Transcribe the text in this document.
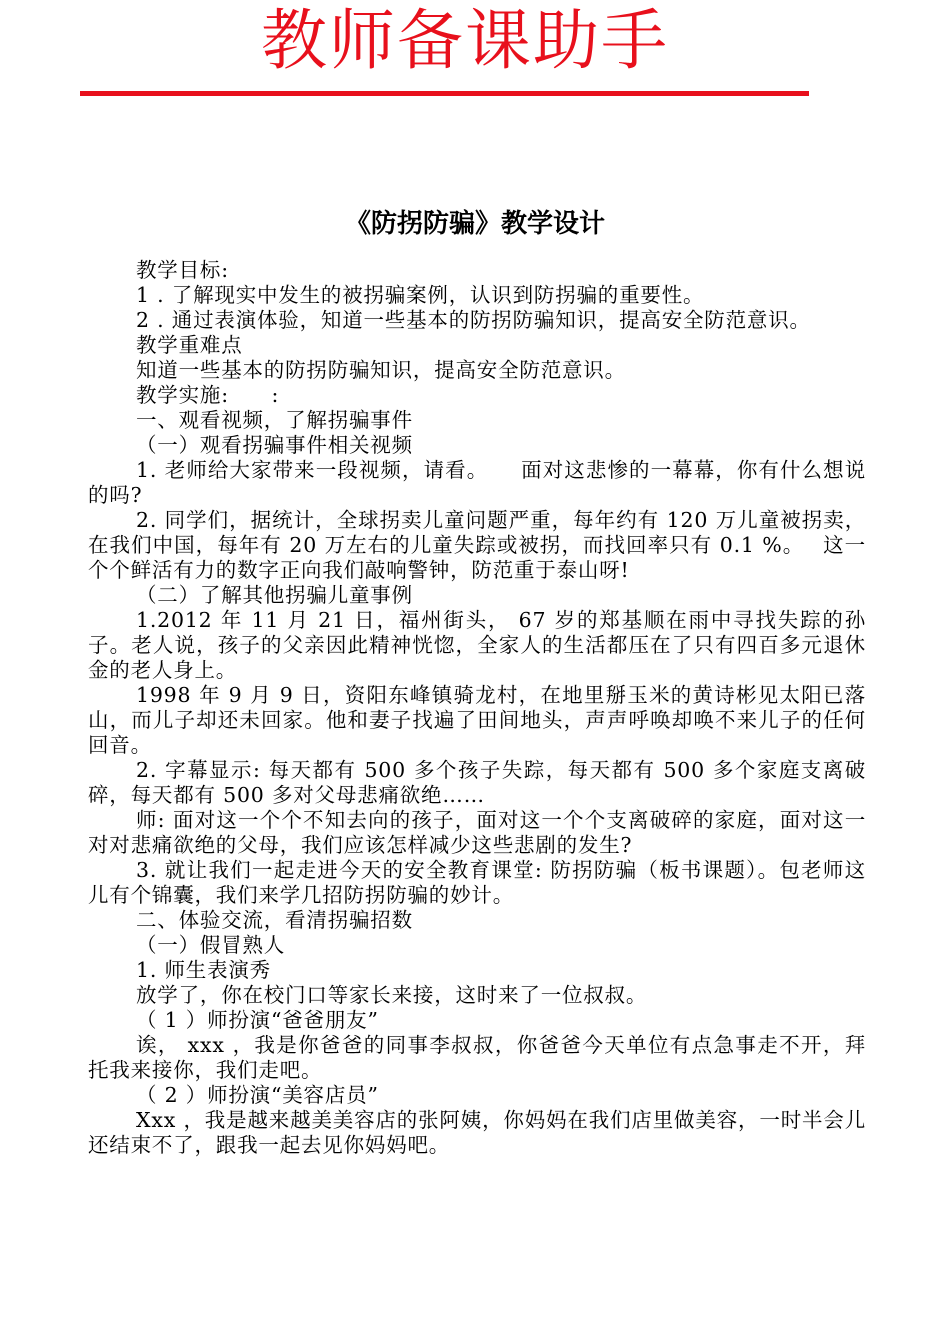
教师备课助手
《防拐防骗》教学设计

教学目标:

1 . 了解现实中发生的被拐骗案例，认识到防拐骗的重要性。

2 . 通过表演体验，知道一些基本的防拐防骗知识，提高安全防范意识。

教学重难点

知道一些基本的防拐防骗知识，提高安全防范意识。

教学实施:　　:

一、观看视频，了解拐骗事件

（一）观看拐骗事件相关视频

1. 老师给大家带来一段视频，请看。　　面对这悲惨的一幕幕，你有什么想说的吗?

2. 同学们，据统计，全球拐卖儿童问题严重，每年约有 120 万儿童被拐卖，在我们中国，每年有 20 万左右的儿童失踪或被拐，而找回率只有 0.1 %。　 这一个个鲜活有力的数字正向我们敲响警钟，防范重于泰山呀!

（二）了解其他拐骗儿童事例

1.2012 年 11 月 21 日，福州街头， 67 岁的郑基顺在雨中寻找失踪的孙子。老人说，孩子的父亲因此精神恍惚，全家人的生活都压在了只有四百多元退休金的老人身上。

1998 年 9 月 9 日，资阳东峰镇骑龙村，在地里掰玉米的黄诗彬见太阳已落山，而儿子却还未回家。他和妻子找遍了田间地头，声声呼唤却唤不来儿子的任何回音。

2. 字幕显示: 每天都有 500 多个孩子失踪，每天都有 500 多个家庭支离破碎，每天都有 500 多对父母悲痛欲绝……

师: 面对这一个个不知去向的孩子，面对这一个个支离破碎的家庭，面对这一对对悲痛欲绝的父母，我们应该怎样减少这些悲剧的发生?

3. 就让我们一起走进今天的安全教育课堂: 防拐防骗（板书课题）。包老师这儿有个锦囊，我们来学几招防拐防骗的妙计。

二、体验交流，看清拐骗招数

（一）假冒熟人

1. 师生表演秀

放学了，你在校门口等家长来接，这时来了一位叔叔。

（ 1 ）师扮演“爸爸朋友”

诶， xxx ，我是你爸爸的同事李叔叔，你爸爸今天单位有点急事走不开，拜托我来接你，我们走吧。

（ 2 ）师扮演“美容店员”

Xxx ，我是越来越美美容店的张阿姨，你妈妈在我们店里做美容，一时半会儿还结束不了，跟我一起去见你妈妈吧。
